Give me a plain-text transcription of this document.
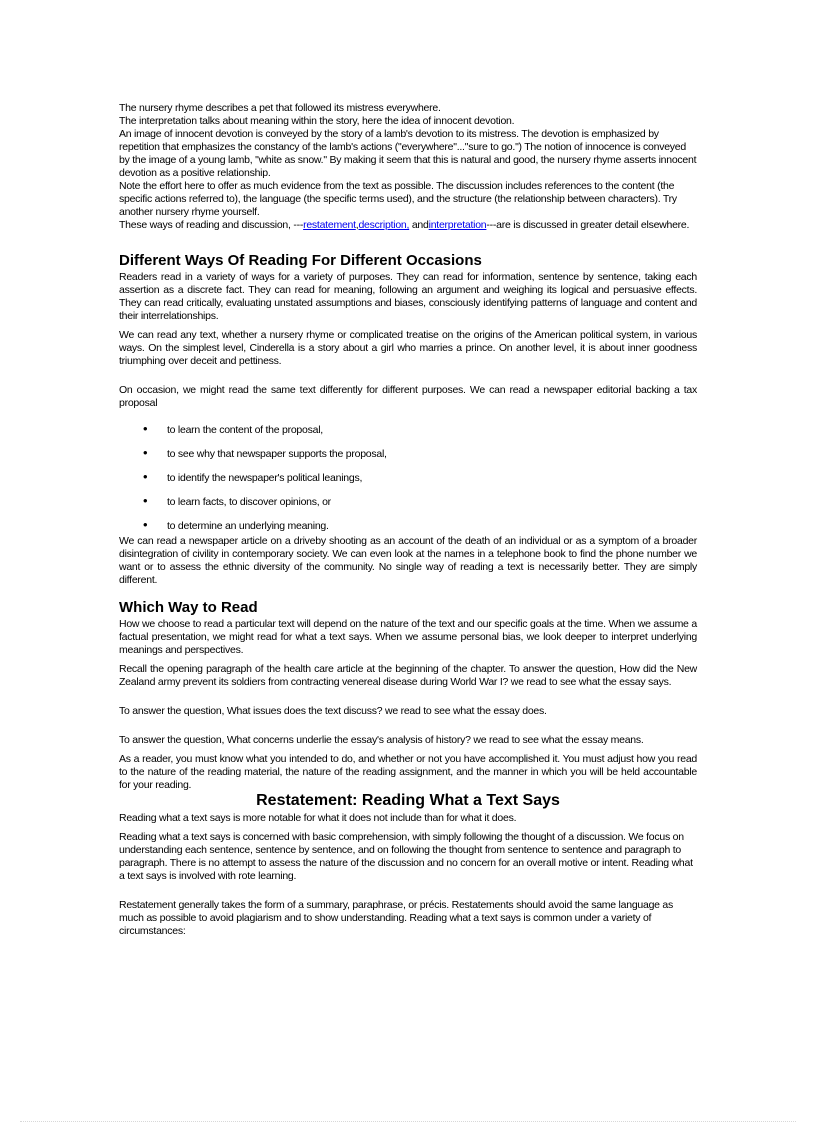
The nursery rhyme describes a pet that followed its mistress everywhere.

The interpretation talks about meaning within the story, here the idea of innocent devotion.

An image of innocent devotion is conveyed by the story of a lamb's devotion to its mistress. The devotion is emphasized by repetition that emphasizes the constancy of the lamb's actions ("everywhere"..."sure to go.") The notion of innocence is conveyed by the image of a young lamb, "white as snow." By making it seem that this is natural and good, the nursery rhyme asserts innocent devotion as a positive relationship.

Note the effort here to offer as much evidence from the text as possible. The discussion includes references to the content (the specific actions referred to), the language (the specific terms used), and the structure (the relationship between characters). Try another nursery rhyme yourself.

These ways of reading and discussion, ---restatement,description, andinterpretation---are is discussed in greater detail elsewhere.

Different Ways Of Reading For Different Occasions

Readers read in a variety of ways for a variety of purposes. They can read for information, sentence by sentence, taking each assertion as a discrete fact. They can read for meaning, following an argument and weighing its logical and persuasive effects. They can read critically, evaluating unstated assumptions and biases, consciously identifying patterns of language and content and their interrelationships.

We can read any text, whether a nursery rhyme or complicated treatise on the origins of the American political system, in various ways. On the simplest level, Cinderella is a story about a girl who marries a prince. On another level, it is about inner goodness triumphing over deceit and pettiness.

On occasion, we might read the same text differently for different purposes. We can read a newspaper editorial backing a tax proposal

• to learn the content of the proposal,
• to see why that newspaper supports the proposal,
• to identify the newspaper's political leanings,
• to learn facts, to discover opinions, or
• to determine an underlying meaning.

We can read a newspaper article on a driveby shooting as an account of the death of an individual or as a symptom of a broader disintegration of civility in contemporary society. We can even look at the names in a telephone book to find the phone number we want or to assess the ethnic diversity of the community. No single way of reading a text is necessarily better. They are simply different.

Which Way to Read

How we choose to read a particular text will depend on the nature of the text and our specific goals at the time. When we assume a factual presentation, we might read for what a text says. When we assume personal bias, we look deeper to interpret underlying meanings and perspectives.

Recall the opening paragraph of the health care article at the beginning of the chapter. To answer the question, How did the New Zealand army prevent its soldiers from contracting venereal disease during World War I? we read to see what the essay says.

To answer the question, What issues does the text discuss? we read to see what the essay does.

To answer the question, What concerns underlie the essay's analysis of history? we read to see what the essay means.

As a reader, you must know what you intended to do, and whether or not you have accomplished it. You must adjust how you read to the nature of the reading material, the nature of the reading assignment, and the manner in which you will be held accountable for your reading.

Restatement: Reading What a Text Says

Reading what a text says is more notable for what it does not include than for what it does.

Reading what a text says is concerned with basic comprehension, with simply following the thought of a discussion. We focus on understanding each sentence, sentence by sentence, and on following the thought from sentence to sentence and paragraph to paragraph. There is no attempt to assess the nature of the discussion and no concern for an overall motive or intent. Reading what a text says is involved with rote learning.

Restatement generally takes the form of a summary, paraphrase, or précis. Restatements should avoid the same language as much as possible to avoid plagiarism and to show understanding. Reading what a text says is common under a variety of circumstances:
